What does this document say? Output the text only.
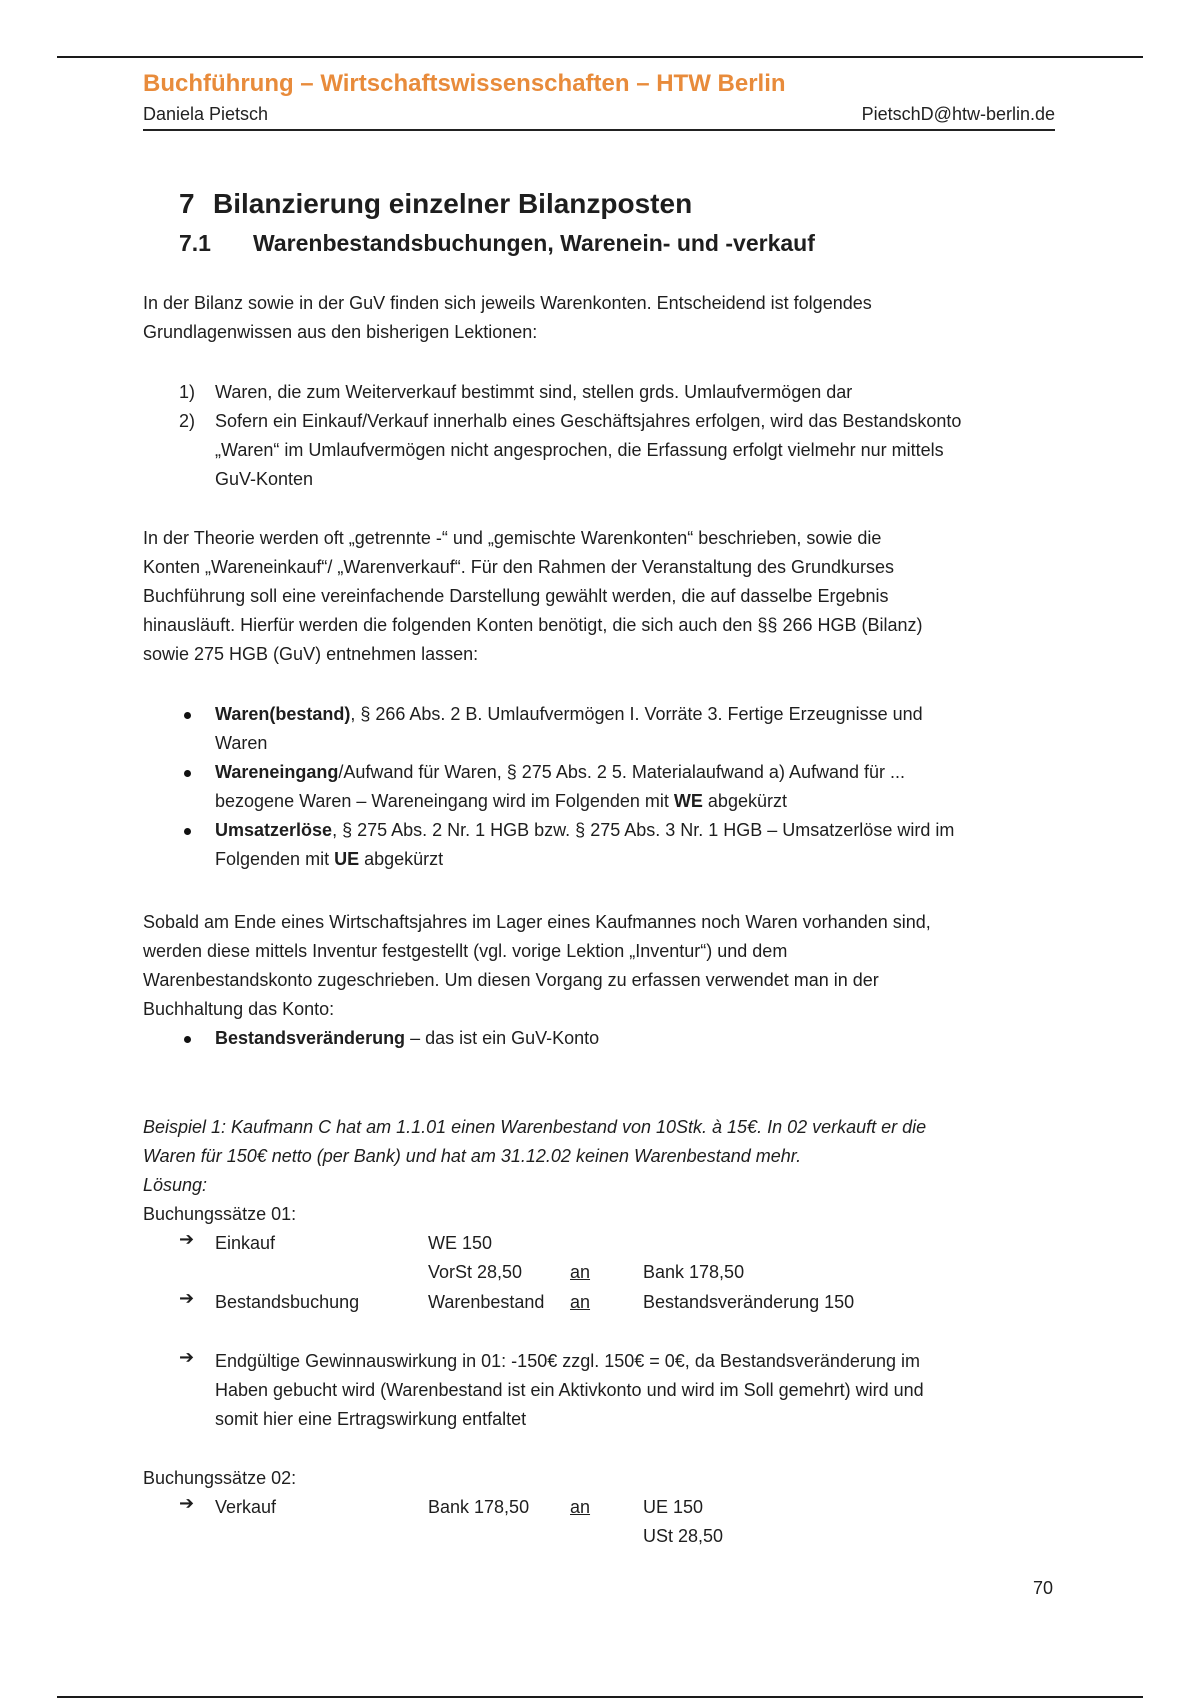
Buchführung – Wirtschaftswissenschaften – HTW Berlin
Daniela Pietsch	PietschD@htw-berlin.de
7 Bilanzierung einzelner Bilanzposten
7.1 Warenbestandsbuchungen, Warenein- und -verkauf
In der Bilanz sowie in der GuV finden sich jeweils Warenkonten. Entscheidend ist folgendes
Grundlagenwissen aus den bisherigen Lektionen:
1) Waren, die zum Weiterverkauf bestimmt sind, stellen grds. Umlaufvermögen dar
2) Sofern ein Einkauf/Verkauf innerhalb eines Geschäftsjahres erfolgen, wird das Bestandskonto
„Waren“ im Umlaufvermögen nicht angesprochen, die Erfassung erfolgt vielmehr nur mittels
GuV-Konten
In der Theorie werden oft „getrennte -“ und „gemischte Warenkonten“ beschrieben, sowie die
Konten „Wareneinkauf“/ „Warenverkauf“. Für den Rahmen der Veranstaltung des Grundkurses
Buchführung soll eine vereinfachende Darstellung gewählt werden, die auf dasselbe Ergebnis
hinausläuft. Hierfür werden die folgenden Konten benötigt, die sich auch den §§ 266 HGB (Bilanz)
sowie 275 HGB (GuV) entnehmen lassen:
Waren(bestand), § 266 Abs. 2 B. Umlaufvermögen I. Vorräte 3. Fertige Erzeugnisse und
Waren
Wareneingang/Aufwand für Waren, § 275 Abs. 2 5. Materialaufwand a) Aufwand für ...
bezogene Waren – Wareneingang wird im Folgenden mit WE abgekürzt
Umsatzerlöse, § 275 Abs. 2 Nr. 1 HGB bzw. § 275 Abs. 3 Nr. 1 HGB – Umsatzerlöse wird im
Folgenden mit UE abgekürzt
Sobald am Ende eines Wirtschaftsjahres im Lager eines Kaufmannes noch Waren vorhanden sind,
werden diese mittels Inventur festgestellt (vgl. vorige Lektion „Inventur“) und dem
Warenbestandskonto zugeschrieben. Um diesen Vorgang zu erfassen verwendet man in der
Buchhaltung das Konto:
Bestandsveränderung – das ist ein GuV-Konto
Beispiel 1: Kaufmann C hat am 1.1.01 einen Warenbestand von 10Stk. à 15€. In 02 verkauft er die
Waren für 150€ netto (per Bank) und hat am 31.12.02 keinen Warenbestand mehr.
Lösung:
Buchungssätze 01:
➔ Einkauf	WE 150
VorSt 28,50	an	Bank 178,50
➔ Bestandsbuchung	Warenbestand an	Bestandsveränderung 150
➔ Endgültige Gewinnauswirkung in 01: -150€ zzgl. 150€ = 0€, da Bestandsveränderung im
Haben gebucht wird (Warenbestand ist ein Aktivkonto und wird im Soll gemehrt) wird und
somit hier eine Ertragswirkung entfaltet
Buchungssätze 02:
➔ Verkauf	Bank 178,50 an	UE 150
USt 28,50
70
